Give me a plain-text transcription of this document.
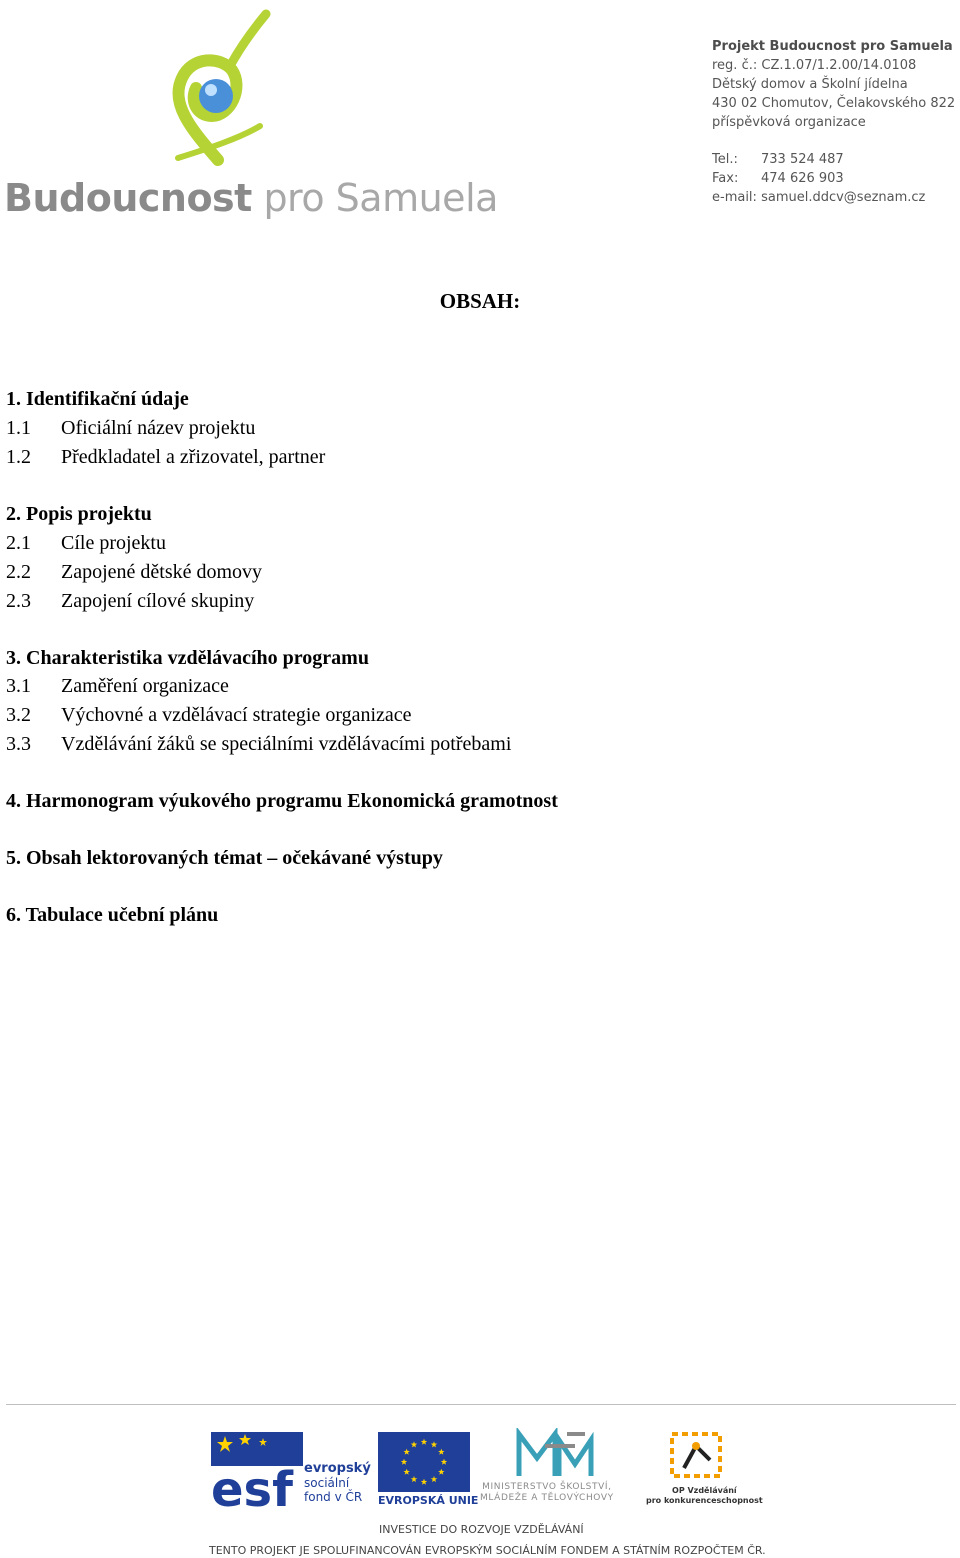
Budoucnost pro Samuela
Projekt Budoucnost pro Samuela
reg. č.: CZ.1.07/1.2.00/14.0108
Dětský domov a Školní jídelna
430 02 Chomutov, Čelakovského 822
příspěvková organizace
Tel.: 733 524 487
Fax: 474 626 903
e-mail: samuel.ddcv@seznam.cz
OBSAH:
1. Identifikační údaje
1.1 Oficiální název projektu
1.2 Předkladatel a zřizovatel, partner
2. Popis projektu
2.1 Cíle projektu
2.2 Zapojené dětské domovy
2.3 Zapojení cílové skupiny
3. Charakteristika vzdělávacího programu
3.1 Zaměření organizace
3.2 Výchovné a vzdělávací strategie organizace
3.3 Vzdělávání žáků se speciálními vzdělávacími potřebami
4. Harmonogram výukového programu Ekonomická gramotnost
5. Obsah lektorovaných témat – očekávané výstupy
6. Tabulace učební plánu
esf evropský
sociální
fond v ČR	EVROPSKÁ UNIE
MINISTERSTVO ŠKOLSTVÍ,
MLÁDEŽE A TĚLOVÝCHOVY
OP Vzdělávání
pro konkurenceschopnost
INVESTICE DO ROZVOJE VZDĚLÁVÁNÍ
TENTO PROJEKT JE SPOLUFINANCOVÁN EVROPSKÝM SOCIÁLNÍM FONDEM A STÁTNÍM ROZPOČTEM ČR.
